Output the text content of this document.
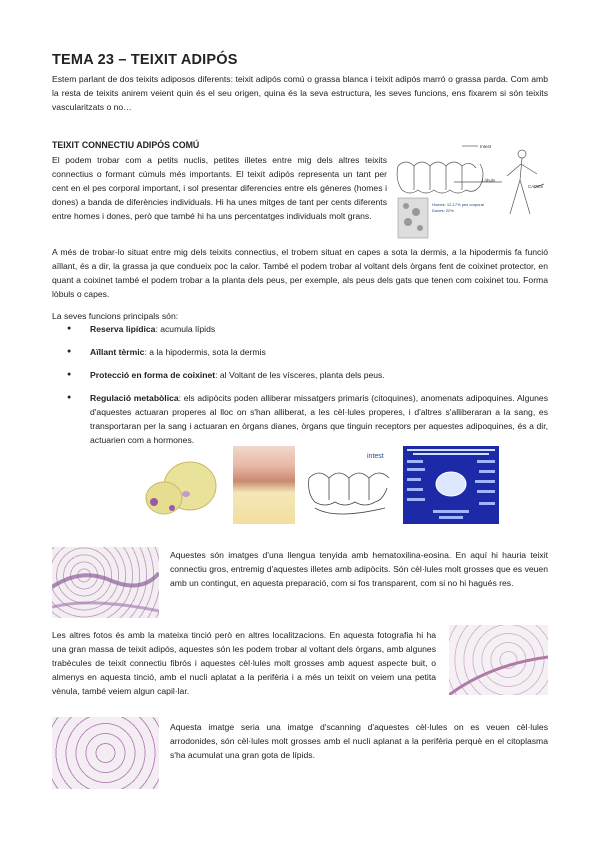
TEMA 23 – TEIXIT ADIPÓS

Estem parlant de dos teixits adiposos diferents: teixit adipós comú o grassa blanca i teixit adipós marró o grassa parda. Com amb la resta de teixits anirem veient quin és el seu origen, quina és la seva estructura, les seves funcions, ens fixarem si són teixits vascularitzats o no…

TEIXIT CONNECTIU ADIPÓS COMÚ

El podem trobar com a petits nuclis, petites illetes entre mig dels altres teixits connectius o formant cúmuls més importants. El teixit adipós representa un tant per cent en el pes corporal important, i sol presentar diferencies entre els gèneres (homes i dones) a banda de diferències individuals. Hi ha unes mitges de tant per cents diferents entre homes i dones, però que també hi ha uns percentatges individuals molt grans.

Intest
Lòbuls
CAPES
Homes: 12-17% pes corporal
Dones: 22%

A més de trobar-lo situat entre mig dels teixits connectius, el trobem situat en capes a sota la dermis, a la hipodermis fa funció aïllant, és a dir, la grassa ja que condueix poc la calor. També el podem trobar al voltant dels òrgans fent de coixinet protector, en quant a coixinet també el podem trobar a la planta dels peus, per exemple, als peus dels gats que tenen com coixinet tou. Forma lòbuls o capes.

La seves funcions principals són:
● Reserva lipídica: acumula lípids
● Aïllant tèrmic: a la hipodermis, sota la dermis
● Protecció en forma de coixinet: al Voltant de les vísceres, planta dels peus.
● Regulació metabòlica: els adipòcits poden alliberar missatgers primaris (citoquines), anomenats adipoquines. Algunes d'aquestes actuaran properes al lloc on s'han alliberat, a les cèl·lules properes, i d'altres s'alliberaran a la sang, es transportaran per la sang i actuaran en òrgans dianes, òrgans que tinguin receptors per aquestes adipoquines, és a dir, actuarien com a hormones.
intest

Aquestes són imatges d'una llengua tenyida amb hematoxilina-eosina. En aquí hi hauria teixit connectiu gros, entremig d'aquestes illetes amb adipòcits. Són cèl·lules molt grosses que es veuen amb un contingut, en aquesta preparació, com si fos transparent, com si no hi hagués res.

Les altres fotos és amb la mateixa tinció però en altres localitzacions. En aquesta fotografia hi ha una gran massa de teixit adipós, aquestes són les podem trobar al voltant dels òrgans, amb algunes trabècules de teixit connectiu fibrós i aquestes cèl·lules molt grosses amb aquest aspecte buit, o almenys en aquesta tinció, amb el nucli aplatat a la perifèria i a més un teixit on veiem una petita vènula, també veiem algun capil·lar.

Aquesta imatge seria una imatge d'scanning d'aquestes cèl·lules on es veuen cèl·lules arrodonides, són cèl·lules molt grosses amb el nucli aplanat a la perifèria perquè en el citoplasma s'ha acumulat una gran gota de lípids.
